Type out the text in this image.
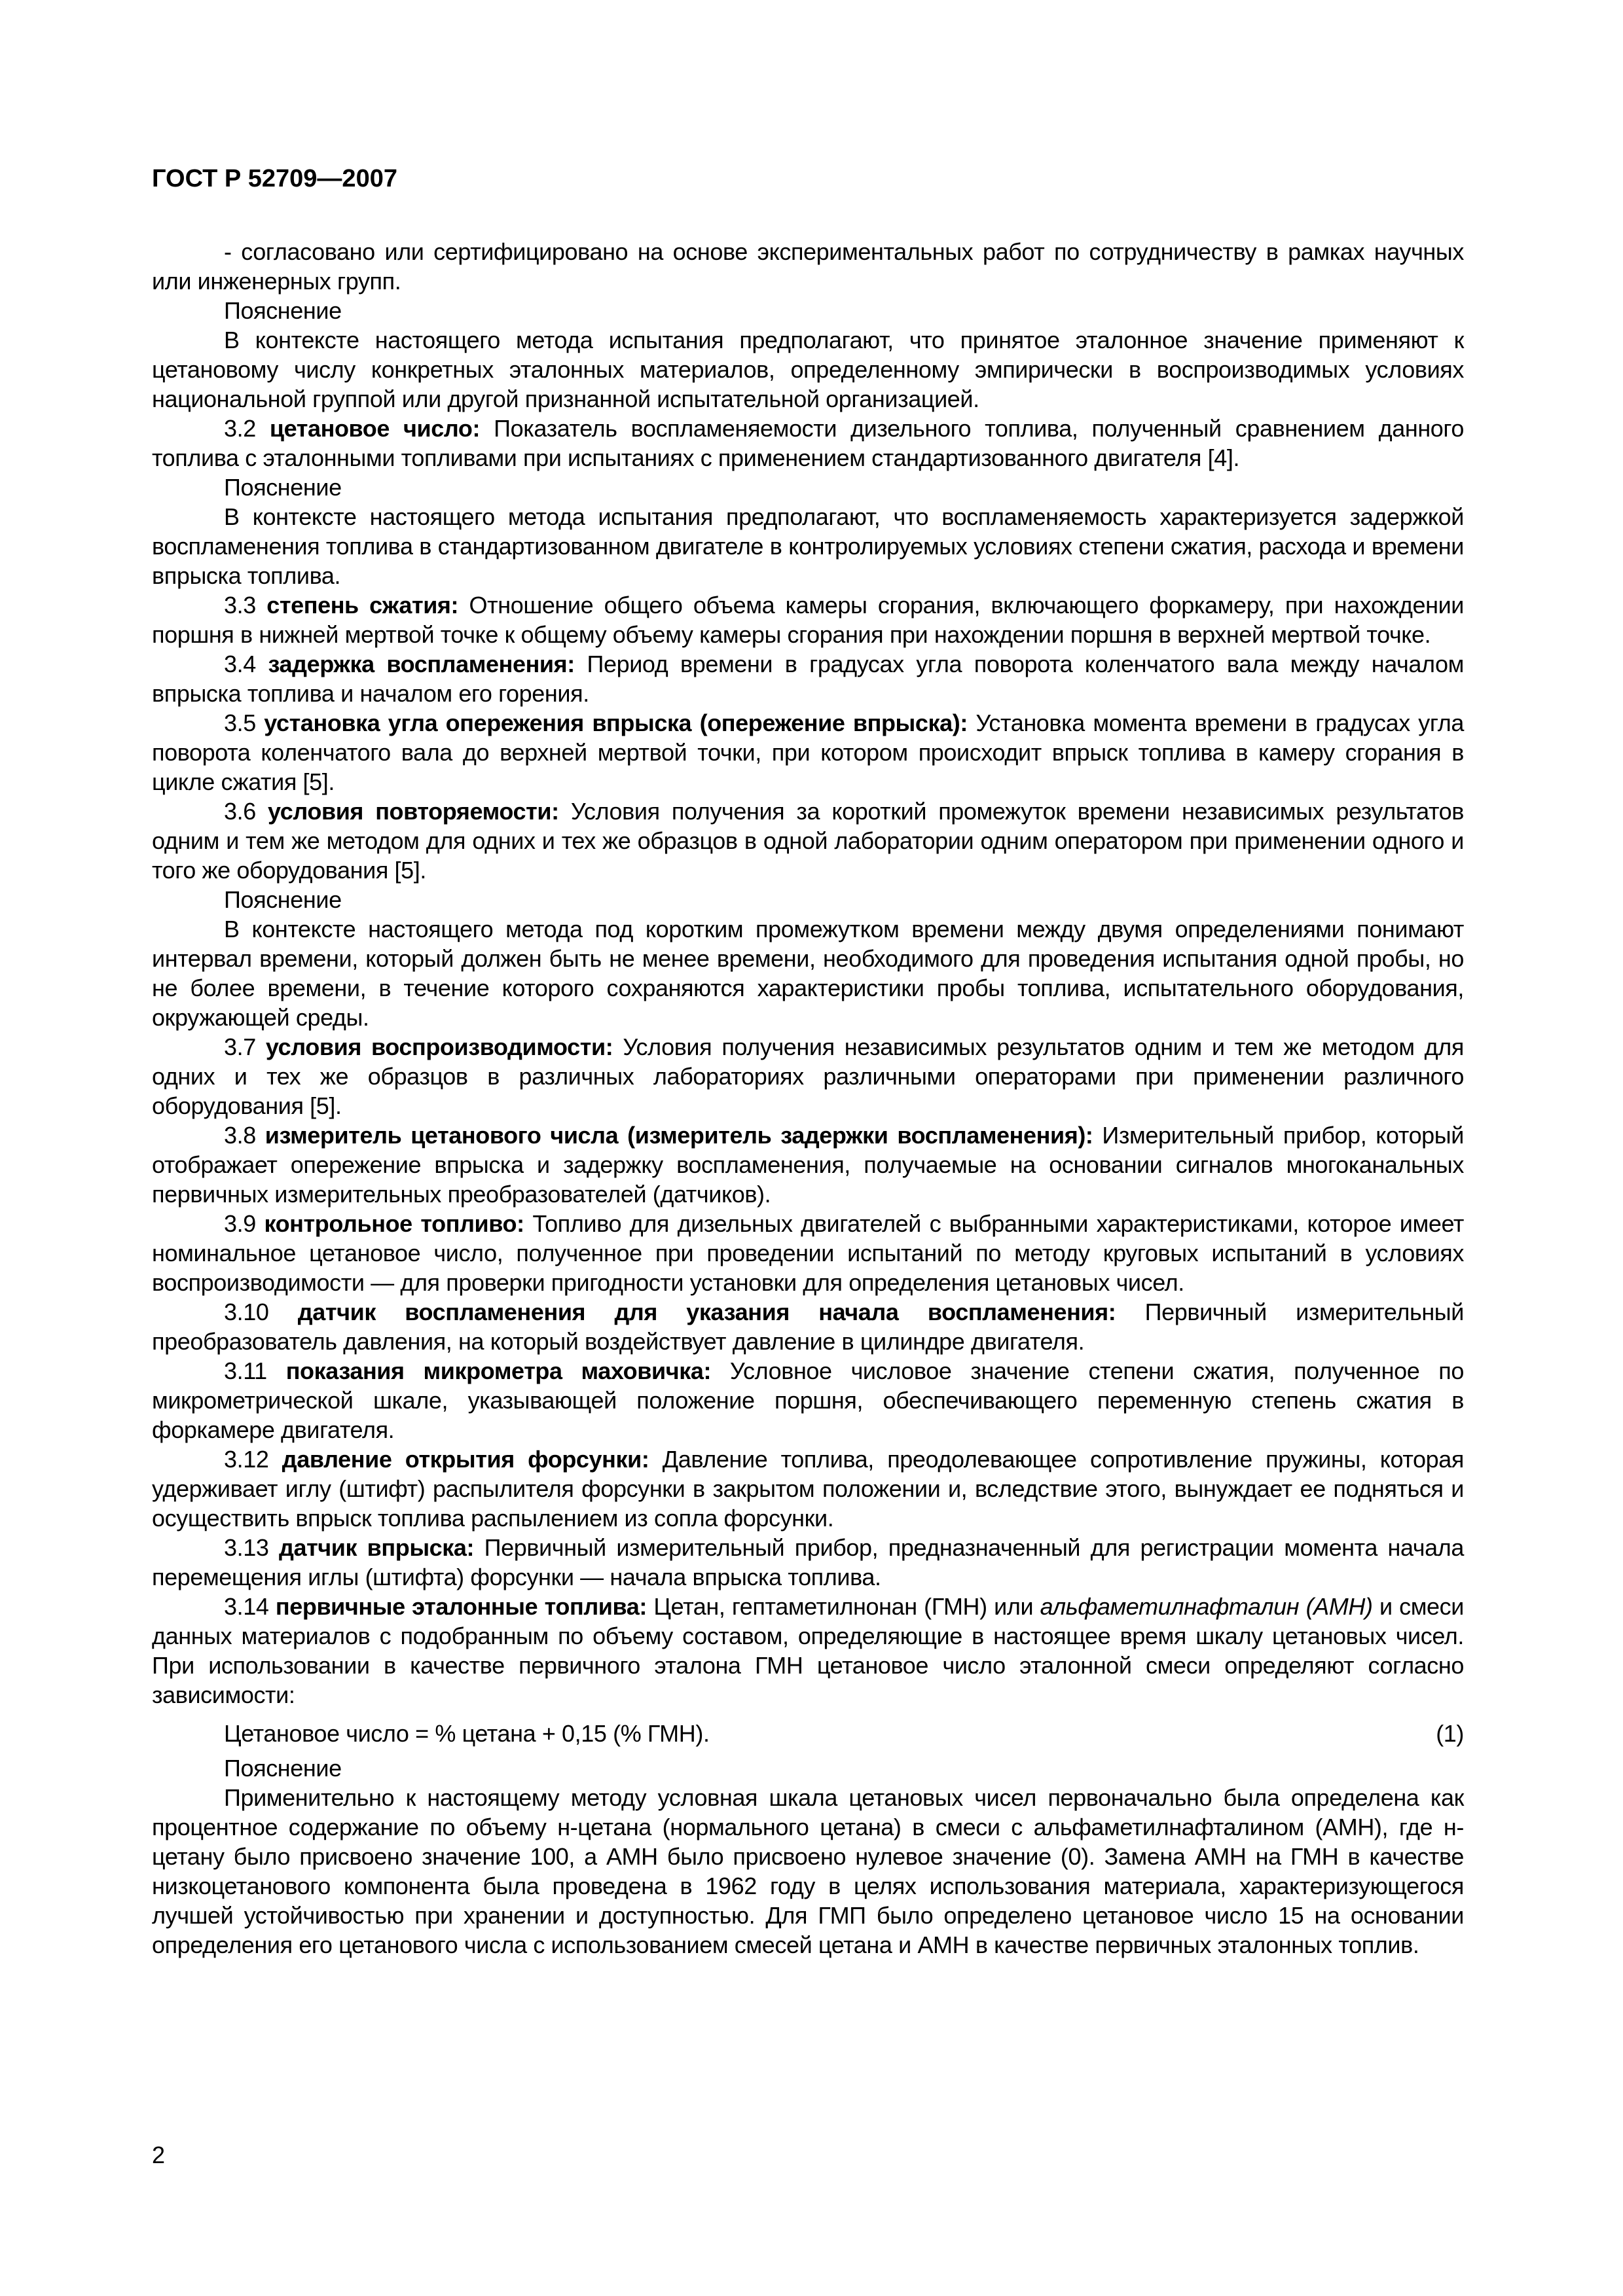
ГОСТ Р 52709—2007

- согласовано или сертифицировано на основе экспериментальных работ по сотрудничеству в рамках научных или инженерных групп.

Пояснение

В контексте настоящего метода испытания предполагают, что принятое эталонное значение применяют к цетановому числу конкретных эталонных материалов, определенному эмпирически в воспроизводимых условиях национальной группой или другой признанной испытательной организацией.

3.2 цетановое число: Показатель воспламеняемости дизельного топлива, полученный сравнением данного топлива с эталонными топливами при испытаниях с применением стандартизованного двигателя [4].

Пояснение

В контексте настоящего метода испытания предполагают, что воспламеняемость характеризуется задержкой воспламенения топлива в стандартизованном двигателе в контролируемых условиях степени сжатия, расхода и времени впрыска топлива.

3.3 степень сжатия: Отношение общего объема камеры сгорания, включающего форкамеру, при нахождении поршня в нижней мертвой точке к общему объему камеры сгорания при нахождении поршня в верхней мертвой точке.

3.4 задержка воспламенения: Период времени в градусах угла поворота коленчатого вала между началом впрыска топлива и началом его горения.

3.5 установка угла опережения впрыска (опережение впрыска): Установка момента времени в градусах угла поворота коленчатого вала до верхней мертвой точки, при котором происходит впрыск топлива в камеру сгорания в цикле сжатия [5].

3.6 условия повторяемости: Условия получения за короткий промежуток времени независимых результатов одним и тем же методом для одних и тех же образцов в одной лаборатории одним оператором при применении одного и того же оборудования [5].

Пояснение

В контексте настоящего метода под коротким промежутком времени между двумя определениями понимают интервал времени, который должен быть не менее времени, необходимого для проведения испытания одной пробы, но не более времени, в течение которого сохраняются характеристики пробы топлива, испытательного оборудования, окружающей среды.

3.7 условия воспроизводимости: Условия получения независимых результатов одним и тем же методом для одних и тех же образцов в различных лабораториях различными операторами при применении различного оборудования [5].

3.8 измеритель цетанового числа (измеритель задержки воспламенения): Измерительный прибор, который отображает опережение впрыска и задержку воспламенения, получаемые на основании сигналов многоканальных первичных измерительных преобразователей (датчиков).

3.9 контрольное топливо: Топливо для дизельных двигателей с выбранными характеристиками, которое имеет номинальное цетановое число, полученное при проведении испытаний по методу круговых испытаний в условиях воспроизводимости — для проверки пригодности установки для определения цетановых чисел.

3.10 датчик воспламенения для указания начала воспламенения: Первичный измерительный преобразователь давления, на который воздействует давление в цилиндре двигателя.

3.11 показания микрометра маховичка: Условное числовое значение степени сжатия, полученное по микрометрической шкале, указывающей положение поршня, обеспечивающего переменную степень сжатия в форкамере двигателя.

3.12 давление открытия форсунки: Давление топлива, преодолевающее сопротивление пружины, которая удерживает иглу (штифт) распылителя форсунки в закрытом положении и, вследствие этого, вынуждает ее подняться и осуществить впрыск топлива распылением из сопла форсунки.

3.13 датчик впрыска: Первичный измерительный прибор, предназначенный для регистрации момента начала перемещения иглы (штифта) форсунки — начала впрыска топлива.

3.14 первичные эталонные топлива: Цетан, гептаметилнонан (ГМН) или альфаметилнафталин (АМН) и смеси данных материалов с подобранным по объему составом, определяющие в настоящее время шкалу цетановых чисел. При использовании в качестве первичного эталона ГМН цетановое число эталонной смеси определяют согласно зависимости:

Цетановое число = % цетана + 0,15 (% ГМН).	(1)

Пояснение

Применительно к настоящему методу условная шкала цетановых чисел первоначально была определена как процентное содержание по объему н-цетана (нормального цетана) в смеси с альфаметилнафталином (АМН), где н-цетану было присвоено значение 100, а АМН было присвоено нулевое значение (0). Замена АМН на ГМН в качестве низкоцетанового компонента была проведена в 1962 году в целях использования материала, характеризующегося лучшей устойчивостью при хранении и доступностью. Для ГМП было определено цетановое число 15 на основании определения его цетанового числа с использованием смесей цетана и АМН в качестве первичных эталонных топлив.

2
